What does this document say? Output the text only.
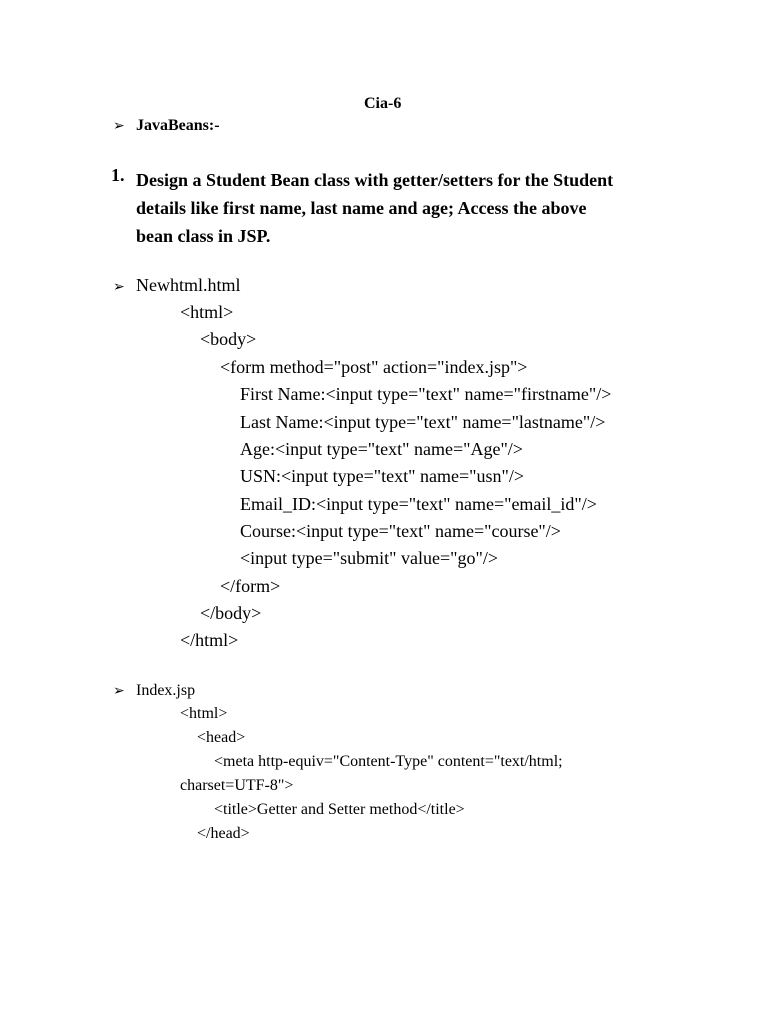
Cia-6
➢ JavaBeans:-
1. Design a Student Bean class with getter/setters for the Student
details like first name, last name and age; Access the above
bean class in JSP.
➢ Newhtml.html
<html>
<body>
<form method="post" action="index.jsp">
First Name:<input type="text" name="firstname"/>
Last Name:<input type="text" name="lastname"/>
Age:<input type="text" name="Age"/>
USN:<input type="text" name="usn"/>
Email_ID:<input type="text" name="email_id"/>
Course:<input type="text" name="course"/>
<input type="submit" value="go"/>
</form>
</body>
</html>
➢ Index.jsp
<html>
<head>
<meta http-equiv="Content-Type" content="text/html;
charset=UTF-8">
<title>Getter and Setter method</title>
</head>
